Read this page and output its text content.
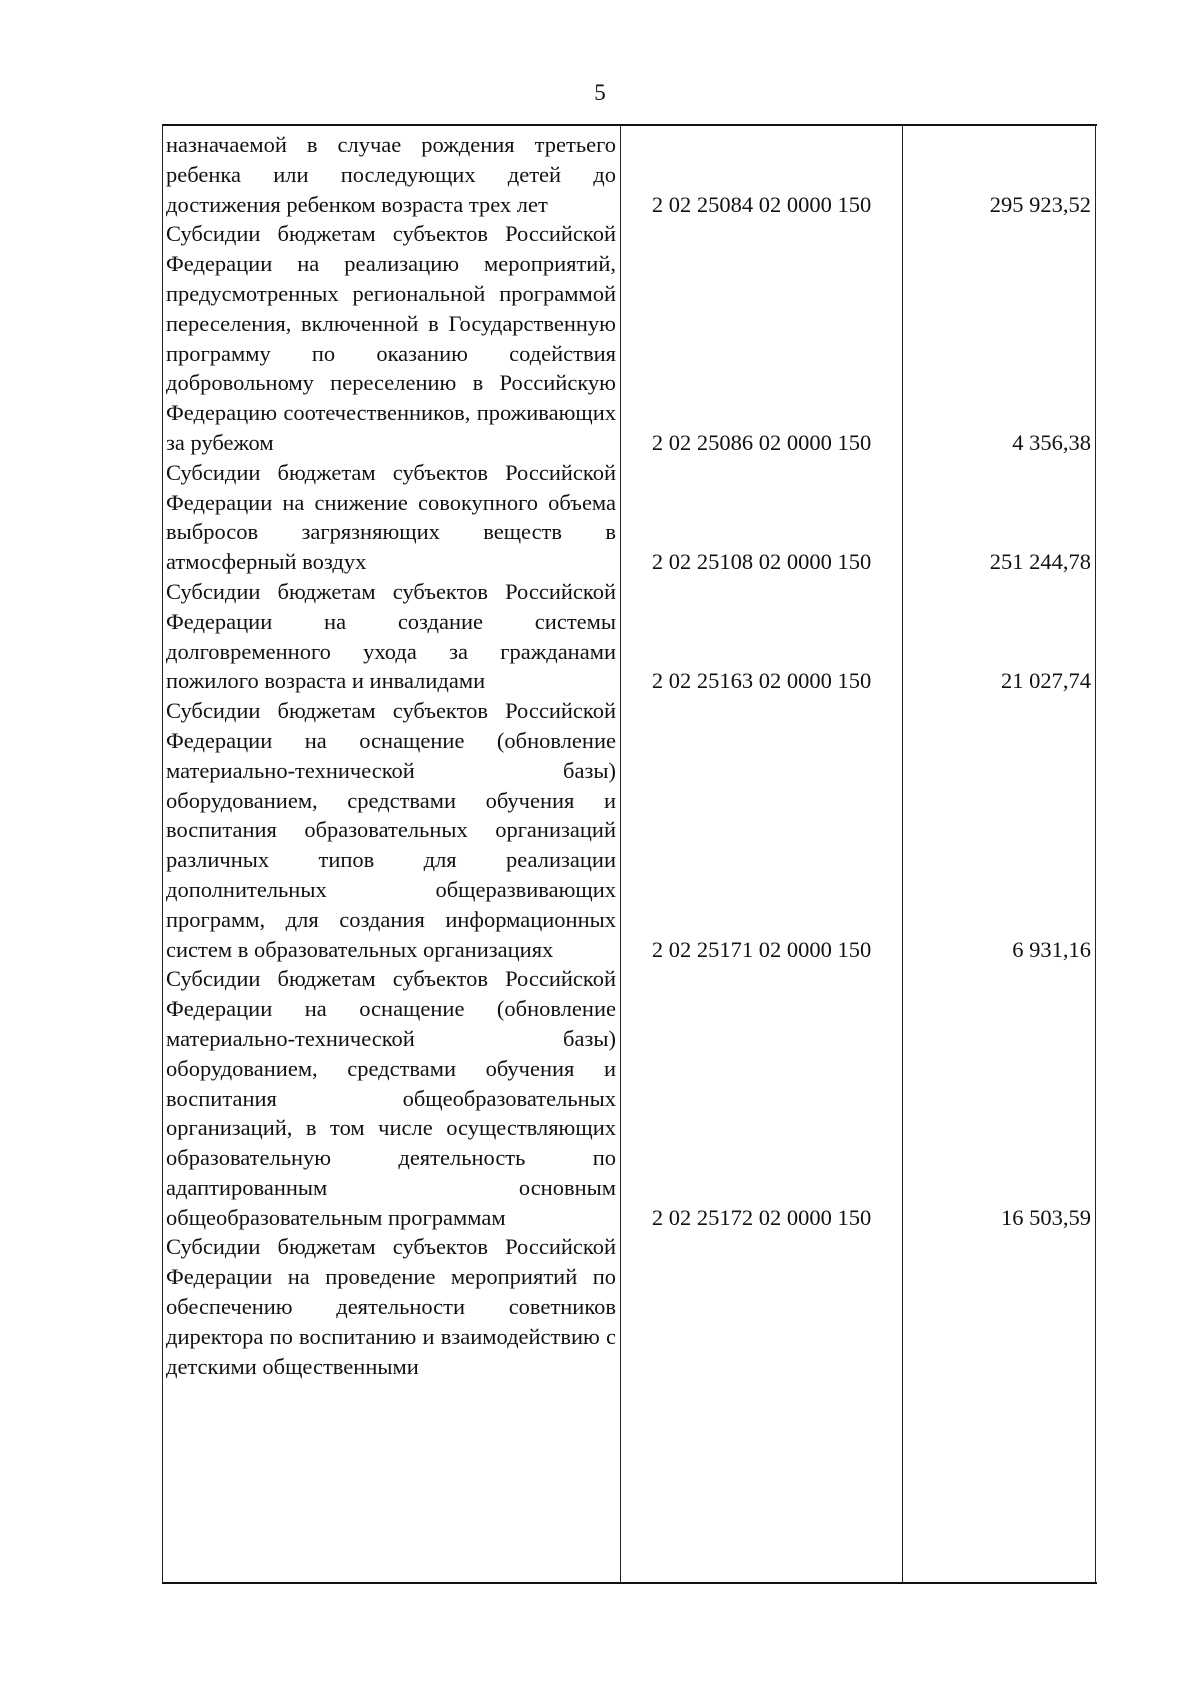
5
назначаемой в случае рождения третьего ребенка или последующих детей до достижения ребенком возраста трех лет	2 02 25084 02 0000 150	295 923,52
Субсидии бюджетам субъектов Российской Федерации на реализацию мероприятий, предусмотренных региональной программой переселения, включенной в Государственную программу по оказанию содействия добровольному переселению в Российскую Федерацию соотечественников, проживающих за рубежом	2 02 25086 02 0000 150	4 356,38
Субсидии бюджетам субъектов Российской Федерации на снижение совокупного объема выбросов загрязняющих веществ в атмосферный воздух	2 02 25108 02 0000 150	251 244,78
Субсидии бюджетам субъектов Российской Федерации на создание системы долговременного ухода за гражданами пожилого возраста и инвалидами	2 02 25163 02 0000 150	21 027,74
Субсидии бюджетам субъектов Российской Федерации на оснащение (обновление материально-технической базы) оборудованием, средствами обучения и воспитания образовательных организаций различных типов для реализации дополнительных общеразвивающих программ, для создания информационных систем в образовательных организациях	2 02 25171 02 0000 150	6 931,16
Субсидии бюджетам субъектов Российской Федерации на оснащение (обновление материально-технической базы) оборудованием, средствами обучения и воспитания общеобразовательных организаций, в том числе осуществляющих образовательную деятельность по адаптированным основным общеобразовательным программам	2 02 25172 02 0000 150	16 503,59
Субсидии бюджетам субъектов Российской Федерации на проведение мероприятий по обеспечению деятельности советников директора по воспитанию и взаимодействию с детскими общественными
